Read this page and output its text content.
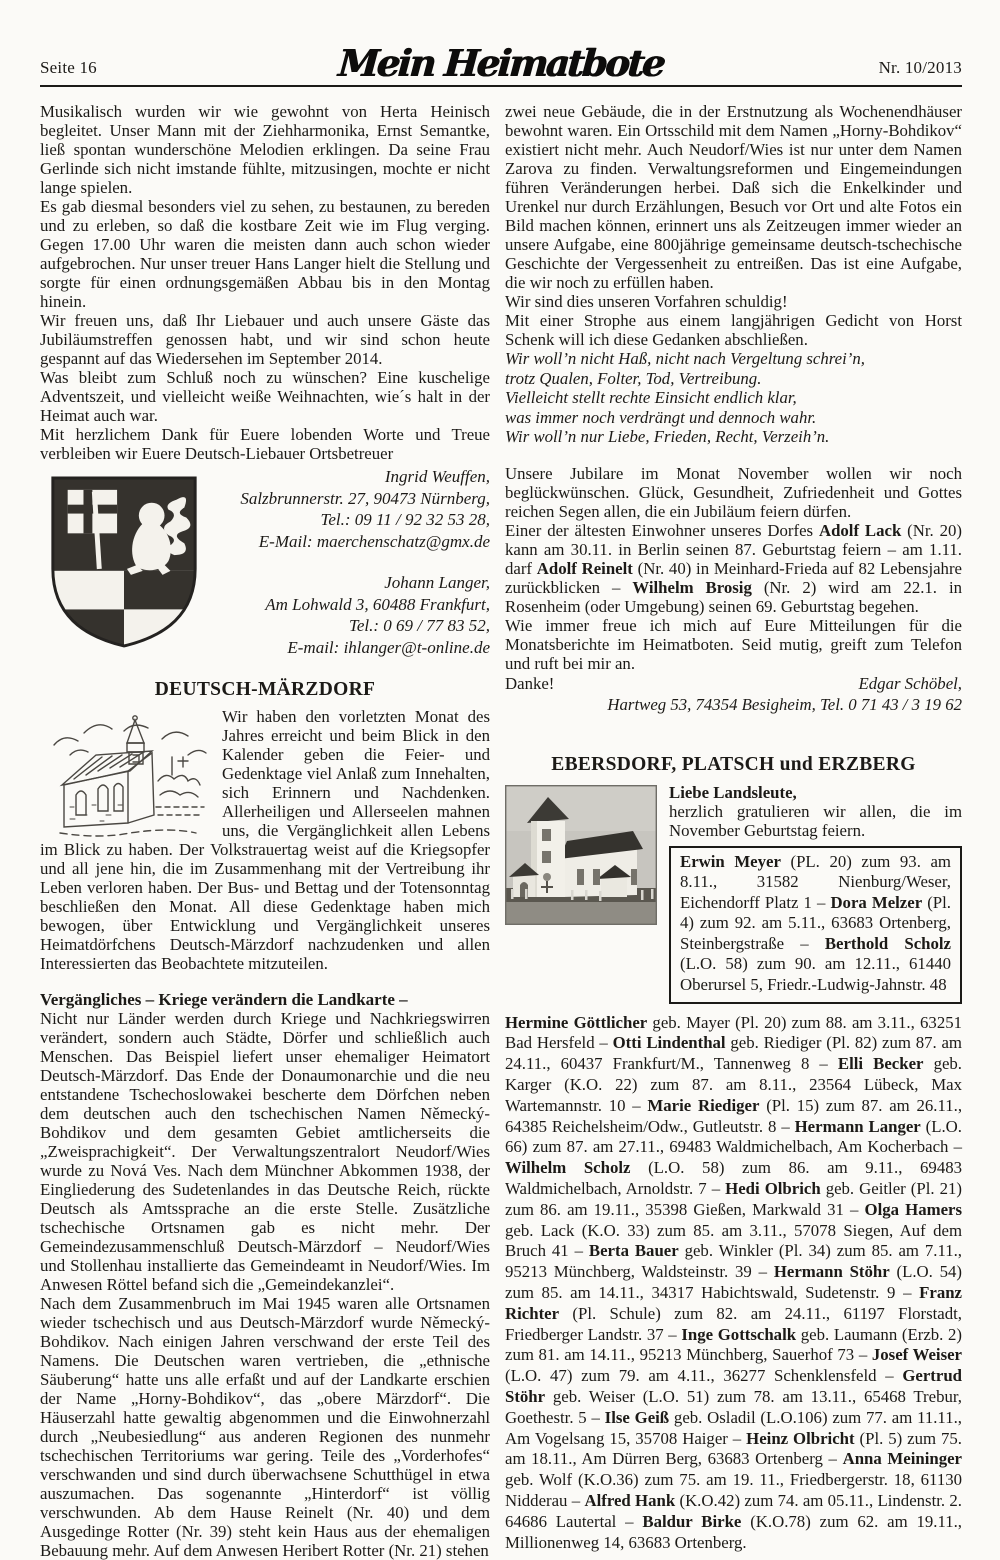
Seite 16	Mein Heimatbote	Nr. 10/2013

Musikalisch wurden wir wie gewohnt von Herta Heinisch begleitet. Unser Mann mit der Ziehharmonika, Ernst Semantke, ließ spontan wunderschöne Melodien erklingen. Da seine Frau Gerlinde sich nicht imstande fühlte, mitzusingen, mochte er nicht lange spielen.

Es gab diesmal besonders viel zu sehen, zu bestaunen, zu bereden und zu erleben, so daß die kostbare Zeit wie im Flug verging. Gegen 17.00 Uhr waren die meisten dann auch schon wieder aufgebrochen. Nur unser treuer Hans Langer hielt die Stellung und sorgte für einen ordnungsgemäßen Abbau bis in den Montag hinein.

Wir freuen uns, daß Ihr Liebauer und auch unsere Gäste das Jubiläumstreffen genossen habt, und wir sind schon heute gespannt auf das Wiedersehen im September 2014.

Was bleibt zum Schluß noch zu wünschen? Eine kuschelige Adventszeit, und vielleicht weiße Weihnachten, wie´s halt in der Heimat auch war.

Mit herzlichem Dank für Euere lobenden Worte und Treue verbleiben wir Euere Deutsch-Liebauer Ortsbetreuer

Ingrid Weuffen,
Salzbrunnerstr. 27, 90473 Nürnberg,
Tel.: 09 11 / 92 32 53 28,
E-Mail: maerchenschatz@gmx.de
Johann Langer,
Am Lohwald 3, 60488 Frankfurt,
Tel.: 0 69 / 77 83 52,
E-mail: ihlanger@t-online.de
DEUTSCH-MÄRZDORF

Wir haben den vorletzten Monat des Jahres erreicht und beim Blick in den Kalender geben die Feier- und Gedenktage viel Anlaß zum Innehalten, sich Erinnern und Nachdenken. Allerheiligen und Allerseelen mahnen uns, die Vergänglichkeit allen Lebens im Blick zu haben. Der Volkstrauertag weist auf die Kriegsopfer und all jene hin, die im Zusammenhang mit der Vertreibung ihr Leben verloren haben. Der Bus- und Bettag und der Totensonntag beschließen den Monat. All diese Gedenktage haben mich bewogen, über Entwicklung und Vergänglichkeit unseres Heimatdörfchens Deutsch-Märzdorf nachzudenken und allen Interessierten das Beobachtete mitzuteilen.

Vergängliches – Kriege verändern die Landkarte –

Nicht nur Länder werden durch Kriege und Nachkriegswirren verändert, sondern auch Städte, Dörfer und schließlich auch Menschen. Das Beispiel liefert unser ehemaliger Heimatort Deutsch-Märzdorf. Das Ende der Donaumonarchie und die neu entstandene Tschechoslowakei bescherte dem Dörfchen neben dem deutschen auch den tschechischen Namen Německý-Bohdikov und dem gesamten Gebiet amtlicherseits die „Zweisprachigkeit“. Der Verwaltungszentralort Neudorf/Wies wurde zu Nová Ves. Nach dem Münchner Abkommen 1938, der Eingliederung des Sudetenlandes in das Deutsche Reich, rückte Deutsch als Amtssprache an die erste Stelle. Zusätzliche tschechische Ortsnamen gab es nicht mehr. Der Gemeindezusammenschluß Deutsch-Märzdorf – Neudorf/Wies und Stollenhau installierte das Gemeindeamt in Neudorf/Wies. Im Anwesen Röttel befand sich die „Gemeindekanzlei“.

Nach dem Zusammenbruch im Mai 1945 waren alle Ortsnamen wieder tschechisch und aus Deutsch-Märzdorf wurde Německý-Bohdikov. Nach einigen Jahren verschwand der erste Teil des Namens. Die Deutschen waren vertrieben, die „ethnische Säuberung“ hatte uns alle erfaßt und auf der Landkarte erschien der Name „Horny-Bohdikov“, das „obere Märzdorf“. Die Häuserzahl hatte gewaltig abgenommen und die Einwohnerzahl durch „Neubesiedlung“ aus anderen Regionen des nunmehr tschechischen Territoriums war gering. Teile des „Vorderhofes“ verschwanden und sind durch überwachsene Schutthügel in etwa auszumachen. Das sogenannte „Hinterdorf“ ist völlig verschwunden. Ab dem Hause Reinelt (Nr. 40) und dem Ausgedinge Rotter (Nr. 39) steht kein Haus aus der ehemaligen Bebauung mehr. Auf dem Anwesen Heribert Rotter (Nr. 21) stehen

zwei neue Gebäude, die in der Erstnutzung als Wochenendhäuser bewohnt waren. Ein Ortsschild mit dem Namen „Horny-Bohdikov“ existiert nicht mehr. Auch Neudorf/Wies ist nur unter dem Namen Zarova zu finden. Verwaltungsreformen und Eingemeindungen führen Veränderungen herbei. Daß sich die Enkelkinder und Urenkel nur durch Erzählungen, Besuch vor Ort und alte Fotos ein Bild machen können, erinnert uns als Zeitzeugen immer wieder an unsere Aufgabe, eine 800jährige gemeinsame deutsch-tschechische Geschichte der Vergessenheit zu entreißen. Das ist eine Aufgabe, die wir noch zu erfüllen haben.

Wir sind dies unseren Vorfahren schuldig!

Mit einer Strophe aus einem langjährigen Gedicht von Horst Schenk will ich diese Gedanken abschließen.

Wir woll’n nicht Haß, nicht nach Vergeltung schrei’n,
trotz Qualen, Folter, Tod, Vertreibung.
Vielleicht stellt rechte Einsicht endlich klar,
was immer noch verdrängt und dennoch wahr.
Wir woll’n nur Liebe, Frieden, Recht, Verzeih’n.

Unsere Jubilare im Monat November wollen wir noch beglückwünschen. Glück, Gesundheit, Zufriedenheit und Gottes reichen Segen allen, die ein Jubiläum feiern dürfen.

Einer der ältesten Einwohner unseres Dorfes Adolf Lack (Nr. 20) kann am 30.11. in Berlin seinen 87. Geburtstag feiern – am 1.11. darf Adolf Reinelt (Nr. 40) in Meinhard-Frieda auf 82 Lebensjahre zurückblicken – Wilhelm Brosig (Nr. 2) wird am 22.1. in Rosenheim (oder Umgebung) seinen 69. Geburtstag begehen.

Wie immer freue ich mich auf Eure Mitteilungen für die Monatsberichte im Heimatboten. Seid mutig, greift zum Telefon und ruft bei mir an.

Danke!	Edgar Schöbel,
Hartweg 53, 74354 Besigheim, Tel. 0 71 43 / 3 19 62
EBERSDORF, PLATSCH und ERZBERG

Liebe Landsleute,

herzlich gratulieren wir allen, die im November Geburtstag feiern.

Erwin Meyer (PL. 20) zum 93. am 8.11., 31582 Nienburg/Weser, Eichendorff Platz 1 – Dora Melzer (Pl. 4) zum 92. am 5.11., 63683 Ortenberg, Steinbergstraße – Berthold Scholz (L.O. 58) zum 90. am 12.11., 61440 Oberursel 5, Friedr.-Ludwig-Jahnstr. 48

Hermine Göttlicher geb. Mayer (Pl. 20) zum 88. am 3.11., 63251 Bad Hersfeld – Otti Lindenthal geb. Riediger (Pl. 82) zum 87. am 24.11., 60437 Frankfurt/M., Tannenweg 8 – Elli Becker geb. Karger (K.O. 22) zum 87. am 8.11., 23564 Lübeck, Max Wartemannstr. 10 – Marie Riediger (Pl. 15) zum 87. am 26.11., 64385 Reichelsheim/Odw., Gutleutstr. 8 – Hermann Langer (L.O. 66) zum 87. am 27.11., 69483 Waldmichelbach, Am Kocherbach – Wilhelm Scholz (L.O. 58) zum 86. am 9.11., 69483 Waldmichelbach, Arnoldstr. 7 – Hedi Olbrich geb. Geitler (Pl. 21) zum 86. am 19.11., 35398 Gießen, Markwald 31 – Olga Hamers geb. Lack (K.O. 33) zum 85. am 3.11., 57078 Siegen, Auf dem Bruch 41 – Berta Bauer geb. Winkler (Pl. 34) zum 85. am 7.11., 95213 Münchberg, Waldsteinstr. 39 – Hermann Stöhr (L.O. 54) zum 85. am 14.11., 34317 Habichtswald, Sudetenstr. 9 – Franz Richter (Pl. Schule) zum 82. am 24.11., 61197 Florstadt, Friedberger Landstr. 37 – Inge Gottschalk geb. Laumann (Erzb. 2) zum 81. am 14.11., 95213 Münchberg, Sauerhof 73 – Josef Weiser (L.O. 47) zum 79. am 4.11., 36277 Schenklensfeld – Gertrud Stöhr geb. Weiser (L.O. 51) zum 78. am 13.11., 65468 Trebur, Goethestr. 5 – Ilse Geiß geb. Osladil (L.O.106) zum 77. am 11.11., Am Vogelsang 15, 35708 Haiger – Heinz Olbricht (Pl. 5) zum 75. am 18.11., Am Dürren Berg, 63683 Ortenberg – Anna Meininger geb. Wolf (K.O.36) zum 75. am 19. 11., Friedbergerstr. 18, 61130 Nidderau – Alfred Hank (K.O.42) zum 74. am 05.11., Lindenstr. 2. 64686 Lautertal – Baldur Birke (K.O.78) zum 62. am 19.11., Millionenweg 14, 63683 Ortenberg.
